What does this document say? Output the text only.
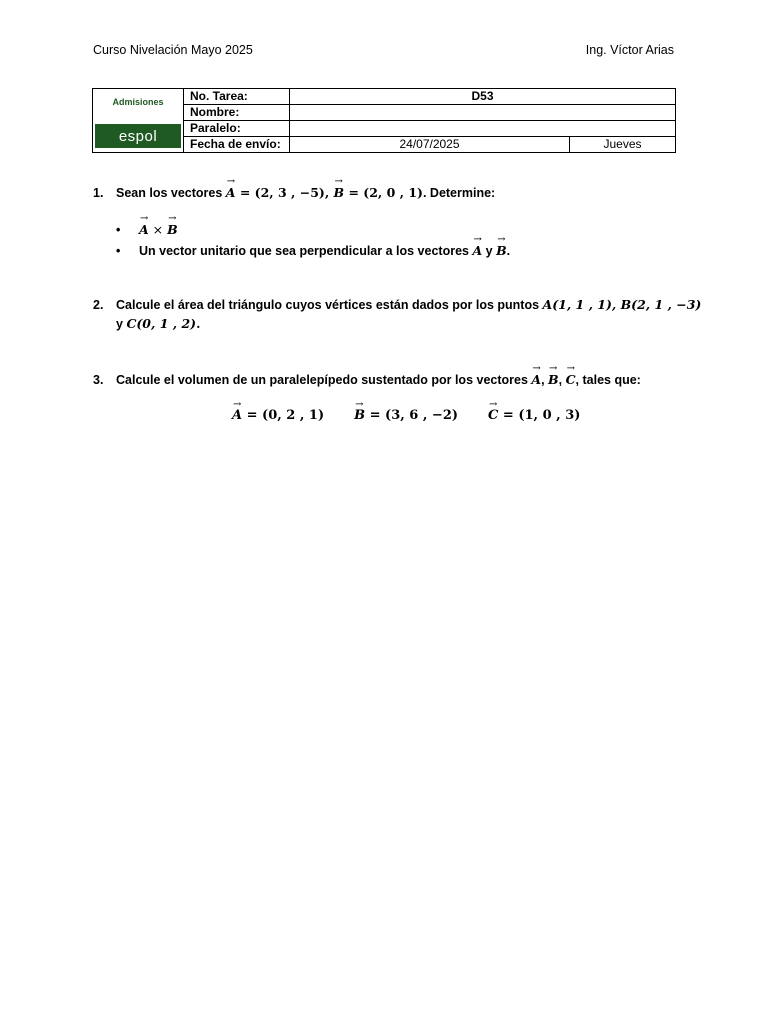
Curso Nivelación Mayo 2025	Ing. Víctor Arias
Admisiones
espol	No. Tarea:	D53	
	Nombre:		
	Paralelo:		
	Fecha de envío:	24/07/2025	Jueves
1. Sean los vectores → A = (2, 3 , −5), → B = (2, 0 , 1). Determine:
• → A × → B
• Un vector unitario que sea perpendicular a los vectores → A y → B.
2. Calcule el área del triángulo cuyos vértices están dados por los puntos A(1, 1 , 1), B(2, 1 , −3)
y C(0, 1 , 2).
3. Calcule el volumen de un paralelepípedo sustentado por los vectores → A, → B, → C, tales que:
→ A = (0, 2 , 1) → B = (3, 6 , −2) → C = (1, 0 , 3)
